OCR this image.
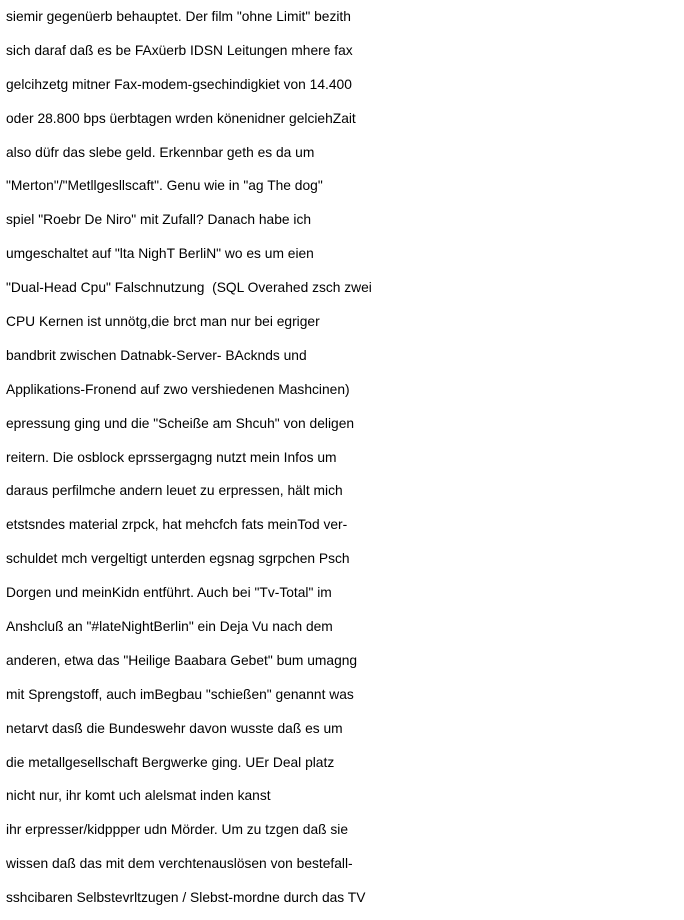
siemir gegenüerb behauptet. Der film "ohne Limit" bezith
sich daraf daß es be FAxüerb IDSN Leitungen mhere fax
gelcihzetg mitner Fax-modem-gsechindigkiet von 14.400
oder 28.800 bps üerbtagen wrden könenidner gelciehZait
also düfr das slebe geld. Erkennbar geth es da um
"Merton"/"Metllgesllscaft". Genu wie in "ag The dog"
spiel "Roebr De Niro" mit Zufall? Danach habe ich
umgeschaltet auf "lta NighT BerliN" wo es um eien
"Dual-Head Cpu" Falschnutzung  (SQL Overahed zsch zwei
CPU Kernen ist unnötg,die brct man nur bei egriger
bandbrit zwischen Datnabk-Server- BAcknds und
Applikations-Fronend auf zwo vershiedenen Mashcinen)
epressung ging und die "Scheiße am Shcuh" von deligen
reitern. Die osblock eprssergagng nutzt mein Infos um
daraus perfilmche andern leuet zu erpressen, hält mich
etstsndes material zrpck, hat mehcfch fats meinTod ver-
schuldet mch vergeltigt unterden egsnag sgrpchen Psch
Dorgen und meinKidn entführt. Auch bei "Tv-Total" im
Anshcluß an "#lateNightBerlin" ein Deja Vu nach dem
anderen, etwa das "Heilige Baabara Gebet" bum umagng
mit Sprengstoff, auch imBegbau "schießen" genannt was
netarvt dasß die Bundeswehr davon wusste daß es um
die metallgesellschaft Bergwerke ging. UEr Deal platz
nicht nur, ihr komt uch alelsmat inden kanst
ihr erpresser/kidppper udn Mörder. Um zu tzgen daß sie
wissen daß das mit dem verchtenauslösen von bestefall-
sshcibaren Selbstevrltzugen / Slebst-mordne durch das TV
